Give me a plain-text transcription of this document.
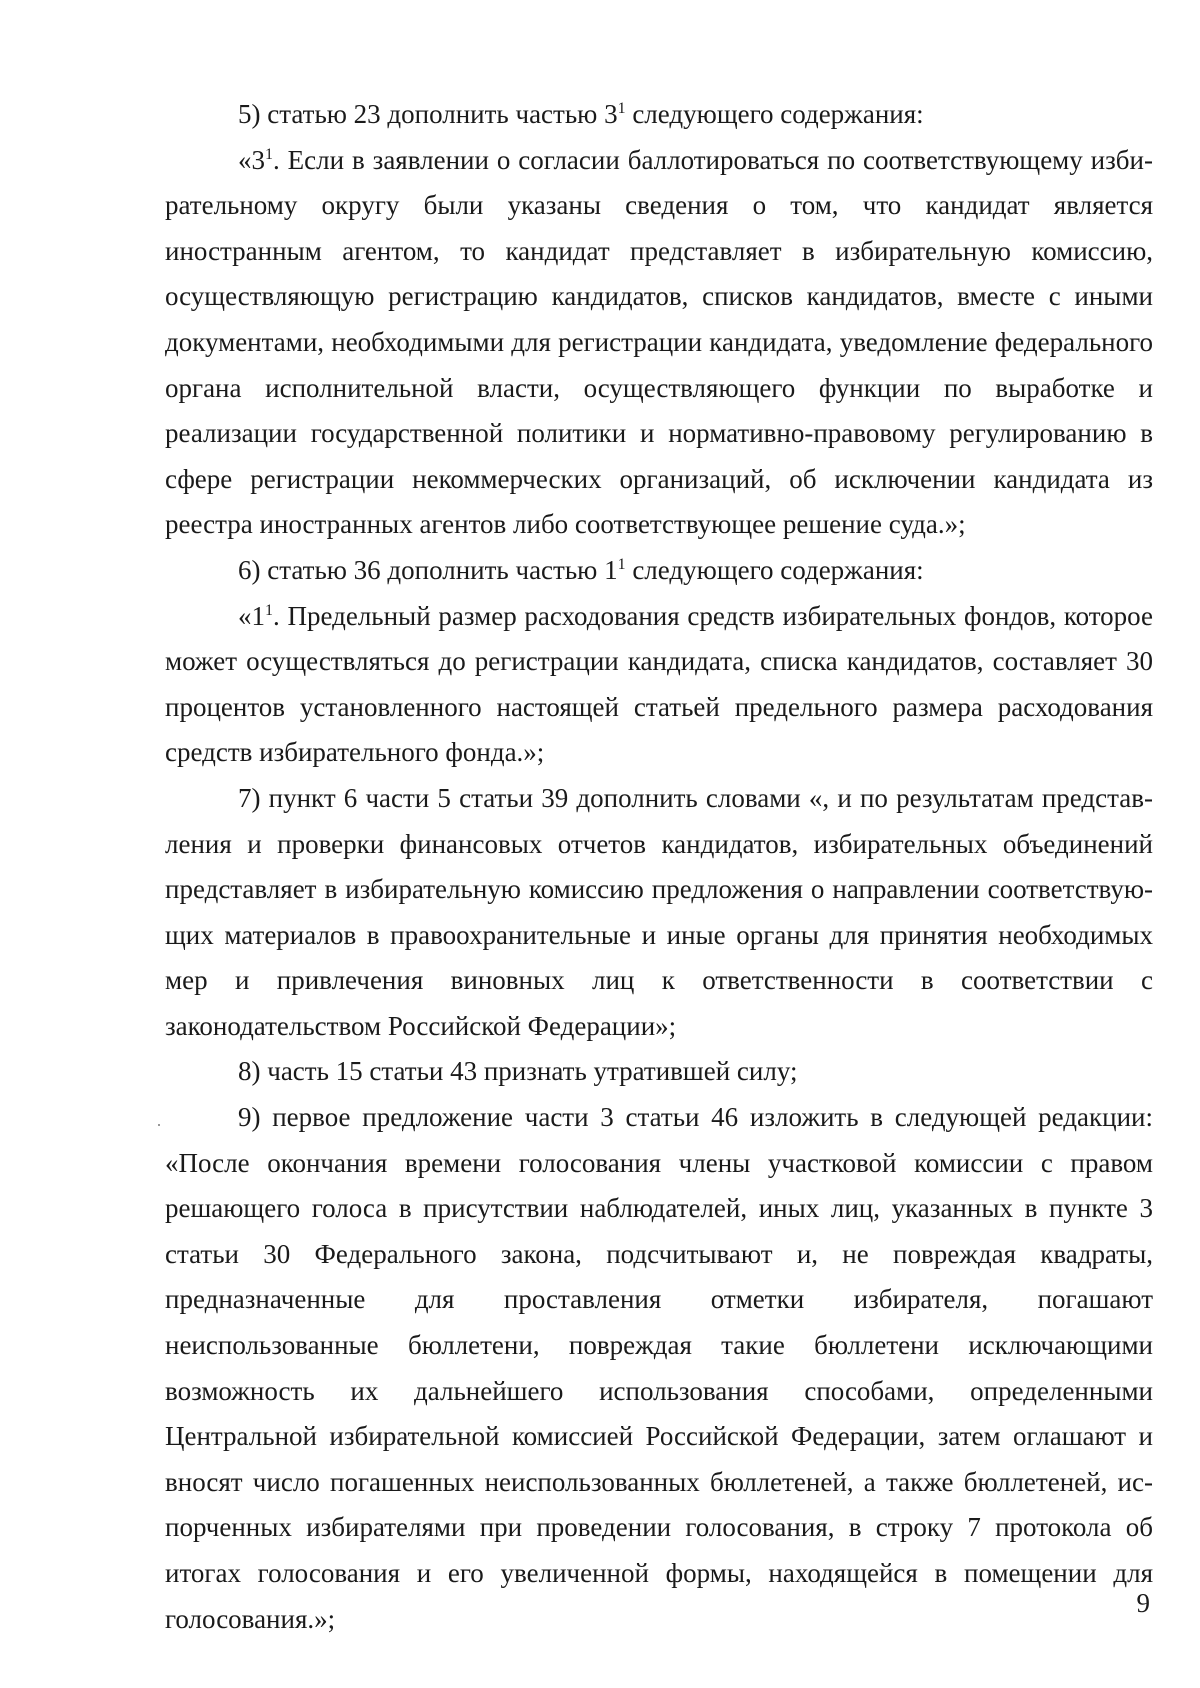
5) статью 23 дополнить частью $3^1$ следующего содержания:

«$3^1$. Если в заявлении о согласии баллотироваться по соответствующему избирательному округу были указаны сведения о том, что кандидат является иностранным агентом, то кандидат представляет в избирательную комиссию, осуществляющую регистрацию кандидатов, списков кандидатов, вместе с иными документами, необходимыми для регистрации кандидата, уведомление федерального органа исполнительной власти, осуществляющего функции по выработке и реализации государственной политики и нормативно-правовому регулированию в сфере регистрации некоммерческих организаций, об исключении кандидата из реестра иностранных агентов либо соответствующее решение суда.»;

6) статью 36 дополнить частью $1^1$ следующего содержания:

«$1^1$. Предельный размер расходования средств избирательных фондов, которое может осуществляться до регистрации кандидата, списка кандидатов, составляет 30 процентов установленного настоящей статьей предельного размера расходования средств избирательного фонда.»;

7) пункт 6 части 5 статьи 39 дополнить словами «, и по результатам представления и проверки финансовых отчетов кандидатов, избирательных объединений представляет в избирательную комиссию предложения о направлении соответствующих материалов в правоохранительные и иные органы для принятия необходимых мер и привлечения виновных лиц к ответственности в соответствии с законодательством Российской Федерации»;

8) часть 15 статьи 43 признать утратившей силу;

9) первое предложение части 3 статьи 46 изложить в следующей редакции: «После окончания времени голосования члены участковой комиссии с правом решающего голоса в присутствии наблюдателей, иных лиц, указанных в пункте 3 статьи 30 Федерального закона, подсчитывают и, не повреждая квадраты, предназначенные для проставления отметки избирателя, погашают неиспользованные бюллетени, повреждая такие бюллетени исключающими возможность их дальнейшего использования способами, определенными Центральной избирательной комиссией Российской Федерации, затем оглашают и вносят число погашенных неиспользованных бюллетеней, а также бюллетеней, испорченных избирателями при проведении голосования, в строку 7 протокола об итогах голосования и его увеличенной формы, находящейся в помещении для голосования.»;

9
